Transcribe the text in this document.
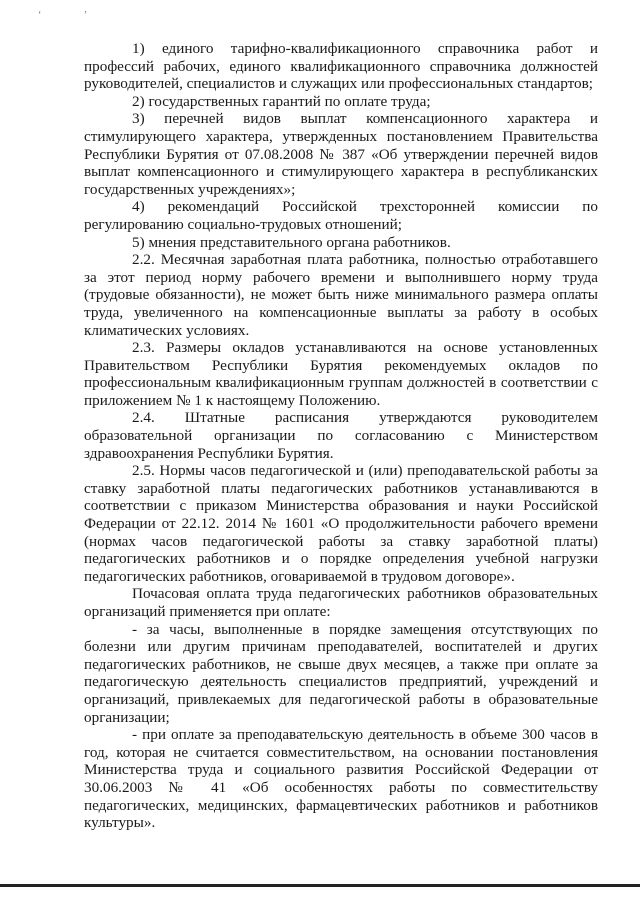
‘ ’

1) единого тарифно-квалификационного справочника работ и профессий рабочих, единого квалификационного справочника должностей руководителей, специалистов и служащих или профессиональных стандартов;

2) государственных гарантий по оплате труда;

3) перечней видов выплат компенсационного характера и стимулирующего характера, утвержденных постановлением Правительства Республики Бурятия от 07.08.2008 № 387 «Об утверждении перечней видов выплат компенсационного и стимулирующего характера в республиканских государственных учреждениях»;

4) рекомендаций Российской трехсторонней комиссии по регулированию социально-трудовых отношений;

5) мнения представительного органа работников.

2.2. Месячная заработная плата работника, полностью отработавшего за этот период норму рабочего времени и выполнившего норму труда (трудовые обязанности), не может быть ниже минимального размера оплаты труда, увеличенного на компенсационные выплаты за работу в особых климатических условиях.

2.3. Размеры окладов устанавливаются на основе установленных Правительством Республики Бурятия рекомендуемых окладов по профессиональным квалификационным группам должностей в соответствии с приложением № 1 к настоящему Положению.

2.4. Штатные расписания утверждаются руководителем образовательной организации по согласованию с Министерством здравоохранения Республики Бурятия.

2.5. Нормы часов педагогической и (или) преподавательской работы за ставку заработной платы педагогических работников устанавливаются в соответствии с приказом Министерства образования и науки Российской Федерации от 22.12. 2014 № 1601 «О продолжительности рабочего времени (нормах часов педагогической работы за ставку заработной платы) педагогических работников и о порядке определения учебной нагрузки педагогических работников, оговариваемой в трудовом договоре».

Почасовая оплата труда педагогических работников образовательных организаций применяется при оплате:

- за часы, выполненные в порядке замещения отсутствующих по болезни или другим причинам преподавателей, воспитателей и других педагогических работников, не свыше двух месяцев, а также при оплате за педагогическую деятельность специалистов предприятий, учреждений и организаций, привлекаемых для педагогической работы в образовательные организации;

- при оплате за преподавательскую деятельность в объеме 300 часов в год, которая не считается совместительством, на основании постановления Министерства труда и социального развития Российской Федерации от 30.06.2003 № 41 «Об особенностях работы по совместительству педагогических, медицинских, фармацевтических работников и работников культуры».
